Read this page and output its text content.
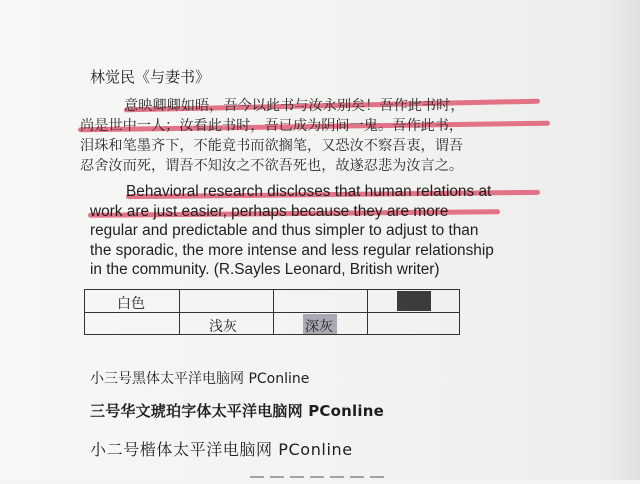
林觉民《与妻书》
意映卿卿如晤，吾今以此书与汝永别矣！吾作此书时，
尚是世中一人；汝看此书时，吾已成为阴间一鬼。吾作此书，
泪珠和笔墨齐下，不能竟书而欲搁笔，又恐汝不察吾衷，谓吾
忍舍汝而死，谓吾不知汝之不欲吾死也，故遂忍悲为汝言之。
Behavioral research discloses that human relations at
work are just easier, perhaps because they are more
regular and predictable and thus simpler to adjust to than
the sporadic, the more intense and less regular relationship
in the community. (R.Sayles Leonard, British writer)
白色
浅灰	深灰
小三号黑体太平洋电脑网 PConline
三号华文琥珀字体太平洋电脑网 PConline
小二号楷体太平洋电脑网 PConline
